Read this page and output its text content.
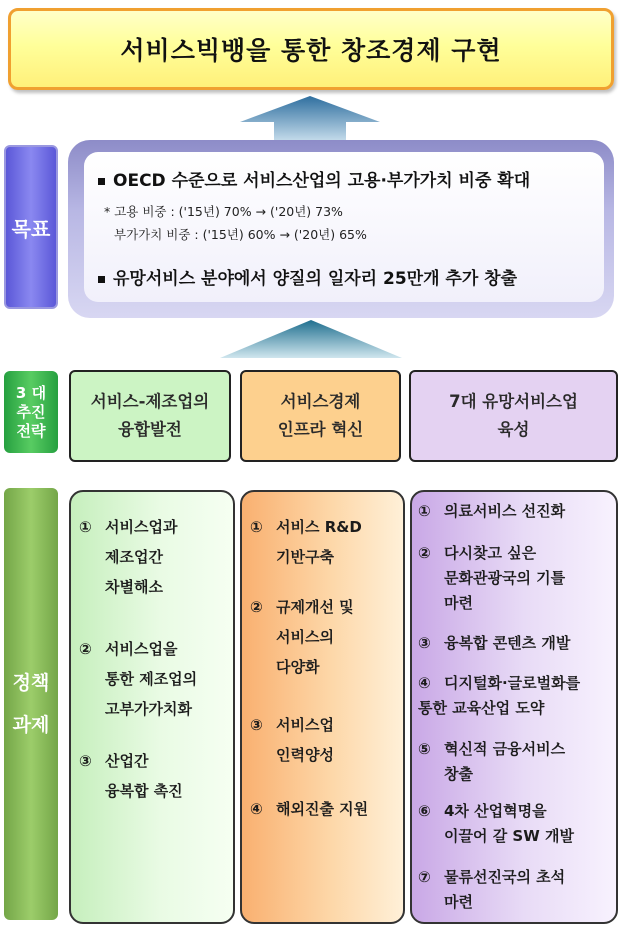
서비스빅뱅을 통한 창조경제 구현
목표
OECD 수준으로 서비스산업의 고용·부가가치 비중 확대
* 고용 비중 : ('15년) 70% → ('20년) 73%
부가가치 비중 : ('15년) 60% → ('20년) 65%
유망서비스 분야에서 양질의 일자리 25만개 추가 창출
3 대
추진
전략
서비스-제조업의
융합발전
서비스경제
인프라 혁신
7대 유망서비스업
육성
정책
과제
① 서비스업과
제조업간
차별해소
② 서비스업을
통한 제조업의
고부가가치화
③ 산업간
융복합 촉진
① 서비스 R&D
기반구축
② 규제개선 및
서비스의
다양화
③ 서비스업
인력양성
④ 해외진출 지원
① 의료서비스 선진화
② 다시찾고 싶은
문화관광국의 기틀
마련
③ 융복합 콘텐츠 개발
④ 디지털화·글로벌화를
통한 교육산업 도약
⑤ 혁신적 금융서비스
창출
⑥ 4차 산업혁명을
이끌어 갈 SW 개발
⑦ 물류선진국의 초석
마련
